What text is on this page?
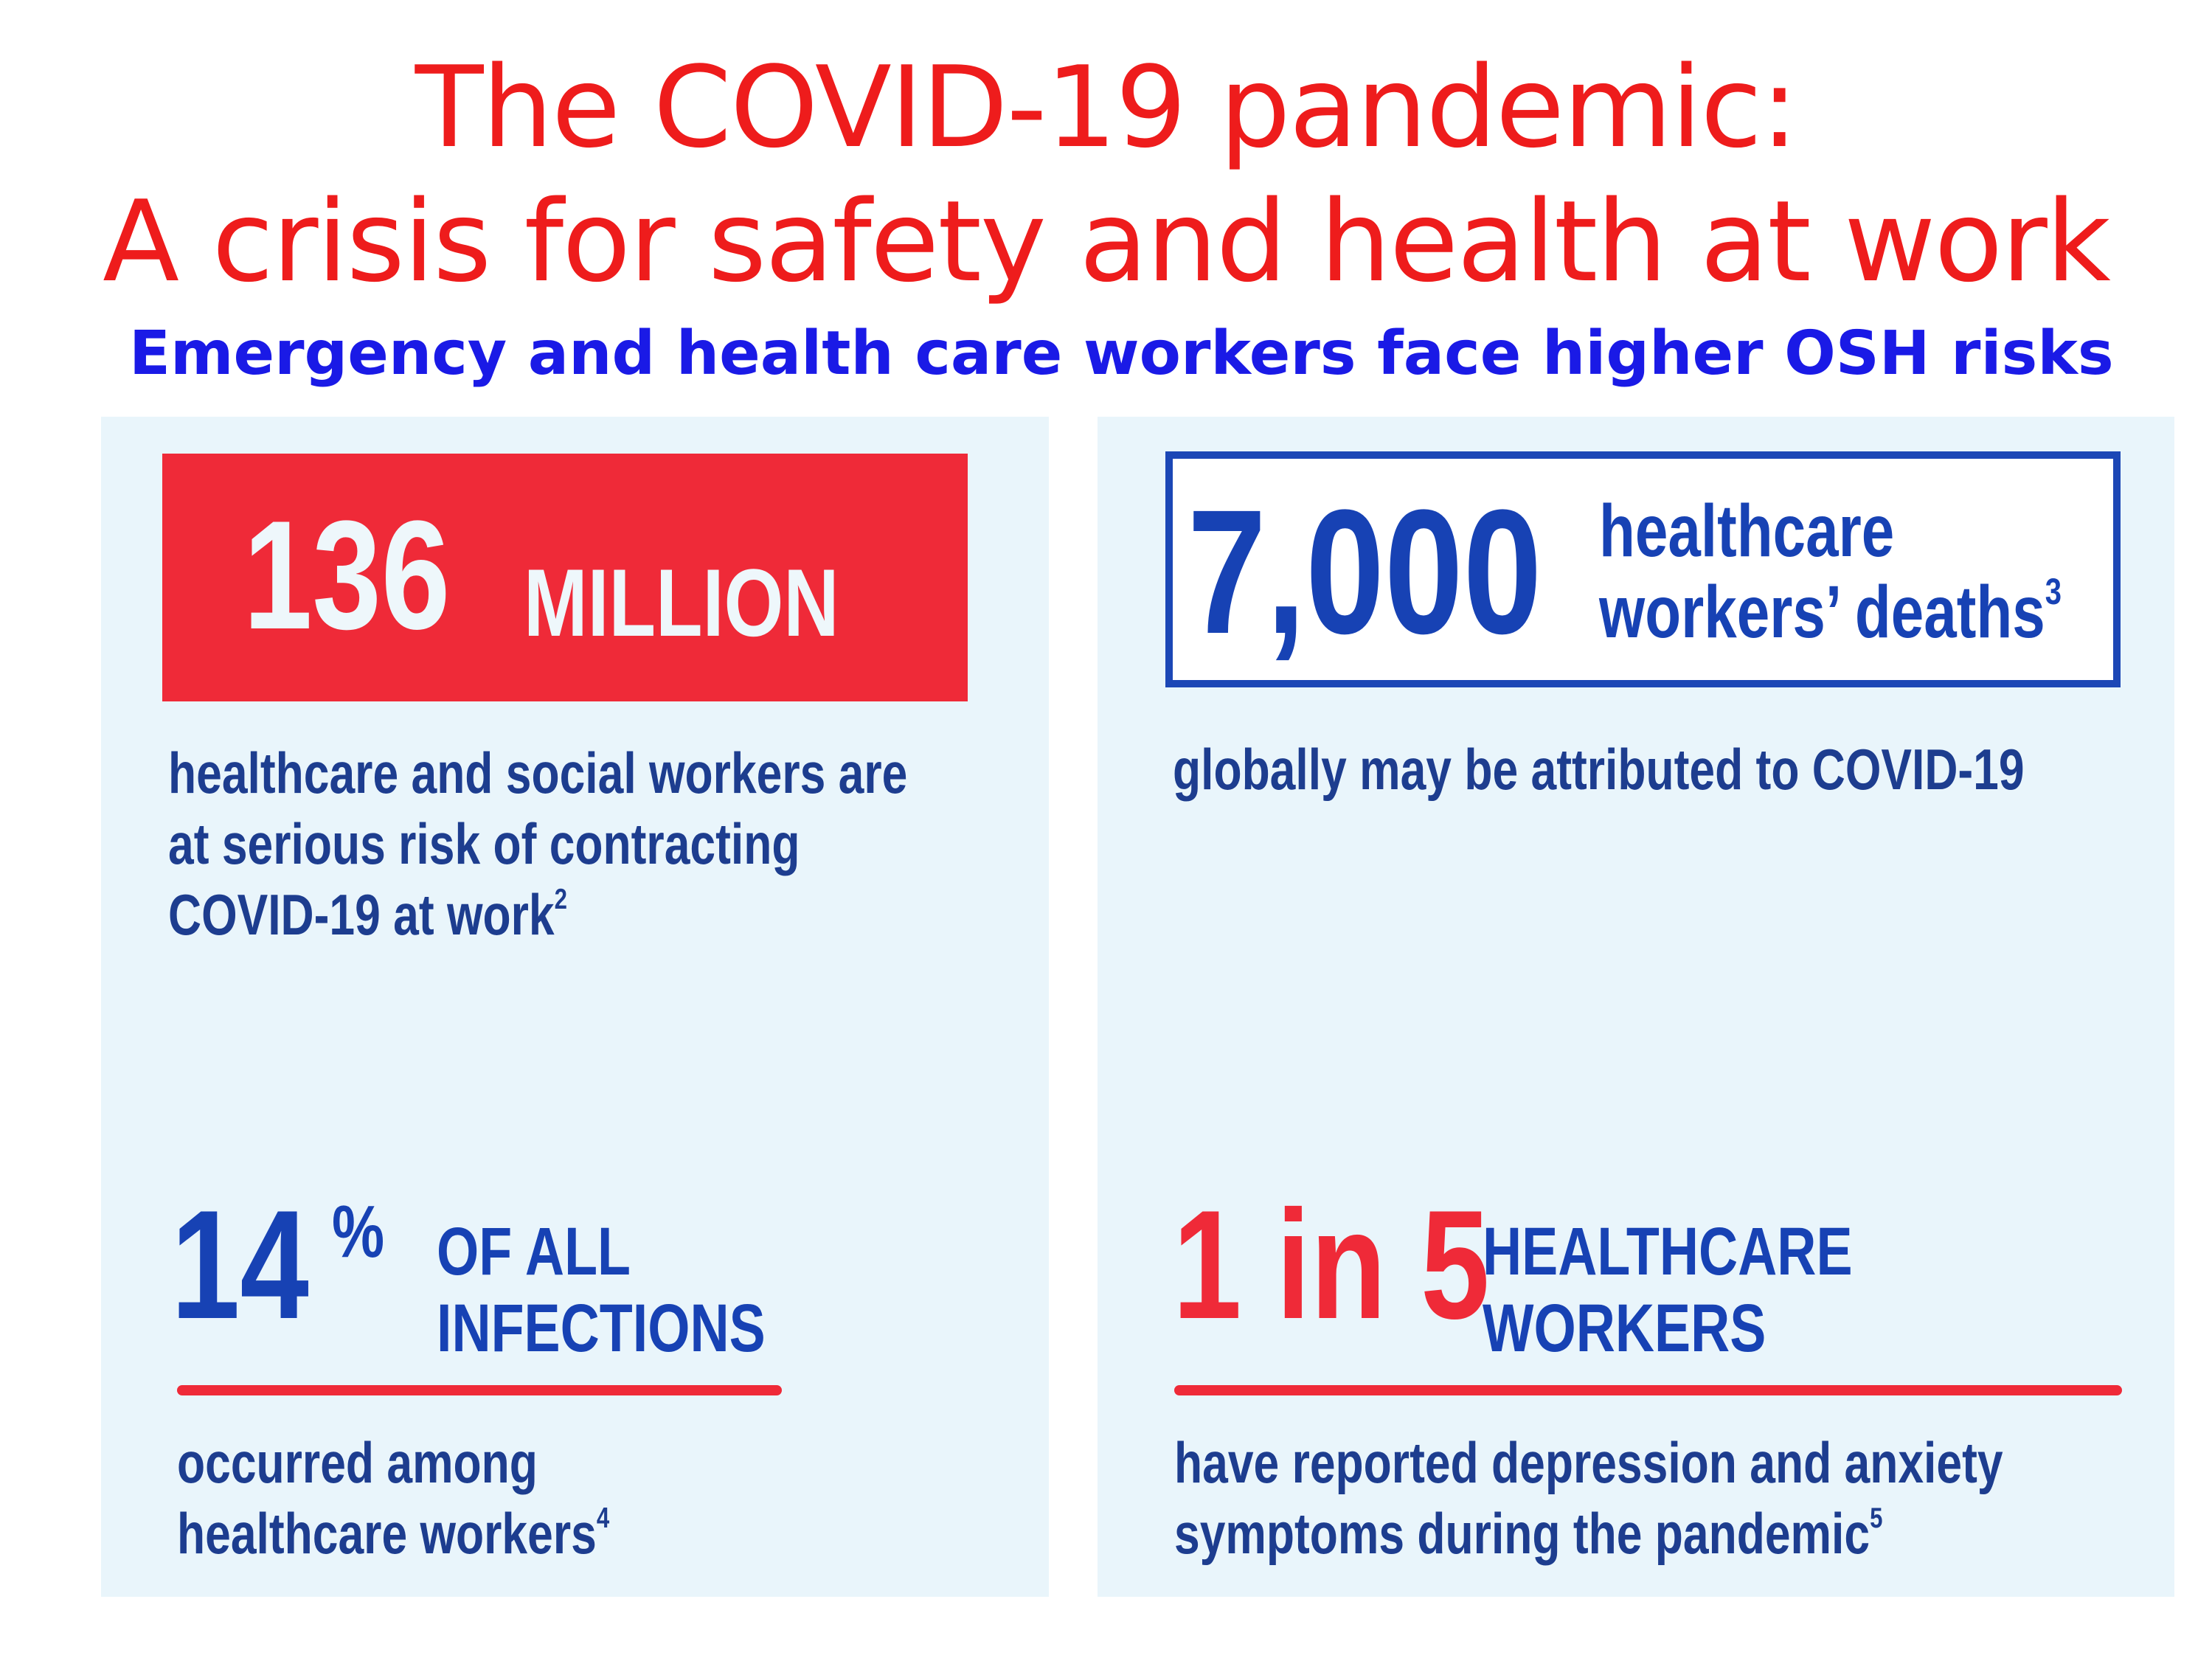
The COVID-19 pandemic:
A crisis for safety and health at work
Emergency and health care workers face higher OSH risks
136 MILLION
healthcare and social workers are
at serious risk of contracting
COVID-19 at work$^2$
7,000 healthcare
workers’ deaths$^3$
globally may be attributed to COVID-19
14 % OF ALL
INFECTIONS
occurred among
healthcare workers$^4$
1 in 5
HEALTHCARE
WORKERS
have reported depression and anxiety
symptoms during the pandemic$^5$
